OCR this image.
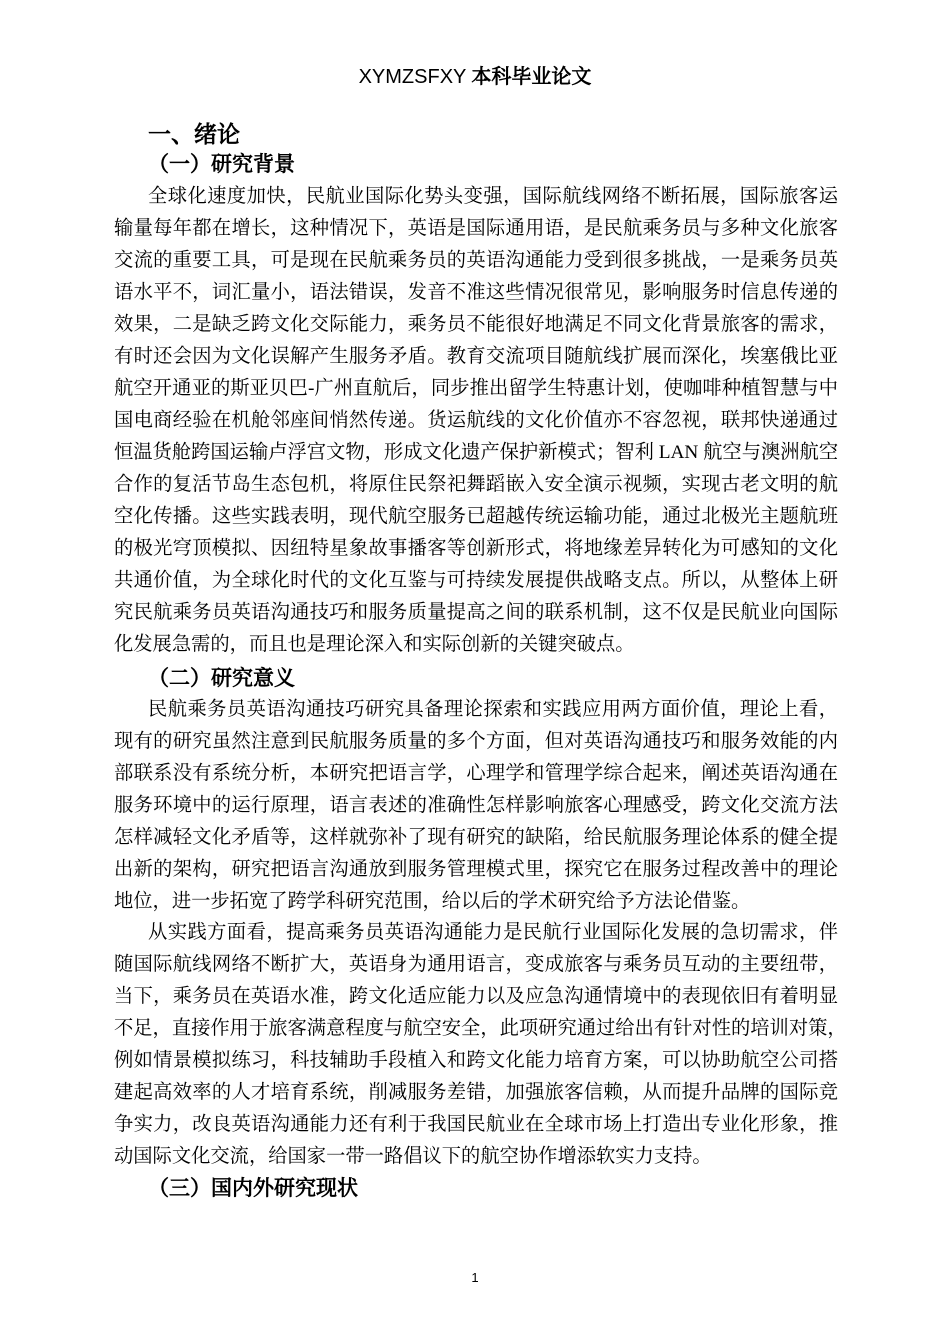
XYMZSFXY 本科毕业论文
一、绪论
（一）研究背景
全球化速度加快，民航业国际化势头变强，国际航线网络不断拓展，国际旅客运
输量每年都在增长，这种情况下，英语是国际通用语，是民航乘务员与多种文化旅客
交流的重要工具，可是现在民航乘务员的英语沟通能力受到很多挑战，一是乘务员英
语水平不，词汇量小，语法错误，发音不准这些情况很常见，影响服务时信息传递的
效果，二是缺乏跨文化交际能力，乘务员不能很好地满足不同文化背景旅客的需求，
有时还会因为文化误解产生服务矛盾。教育交流项目随航线扩展而深化，埃塞俄比亚
航空开通亚的斯亚贝巴-广州直航后，同步推出留学生特惠计划，使咖啡种植智慧与中
国电商经验在机舱邻座间悄然传递。货运航线的文化价值亦不容忽视，联邦快递通过
恒温货舱跨国运输卢浮宫文物，形成文化遗产保护新模式；智利 LAN 航空与澳洲航空
合作的复活节岛生态包机，将原住民祭祀舞蹈嵌入安全演示视频，实现古老文明的航
空化传播。这些实践表明，现代航空服务已超越传统运输功能，通过北极光主题航班
的极光穹顶模拟、因纽特星象故事播客等创新形式，将地缘差异转化为可感知的文化
共通价值，为全球化时代的文化互鉴与可持续发展提供战略支点。所以，从整体上研
究民航乘务员英语沟通技巧和服务质量提高之间的联系机制，这不仅是民航业向国际
化发展急需的，而且也是理论深入和实际创新的关键突破点。
（二）研究意义
民航乘务员英语沟通技巧研究具备理论探索和实践应用两方面价值，理论上看，
现有的研究虽然注意到民航服务质量的多个方面，但对英语沟通技巧和服务效能的内
部联系没有系统分析，本研究把语言学，心理学和管理学综合起来，阐述英语沟通在
服务环境中的运行原理，语言表述的准确性怎样影响旅客心理感受，跨文化交流方法
怎样减轻文化矛盾等，这样就弥补了现有研究的缺陷，给民航服务理论体系的健全提
出新的架构，研究把语言沟通放到服务管理模式里，探究它在服务过程改善中的理论
地位，进一步拓宽了跨学科研究范围，给以后的学术研究给予方法论借鉴。
从实践方面看，提高乘务员英语沟通能力是民航行业国际化发展的急切需求，伴
随国际航线网络不断扩大，英语身为通用语言，变成旅客与乘务员互动的主要纽带，
当下，乘务员在英语水准，跨文化适应能力以及应急沟通情境中的表现依旧有着明显
不足，直接作用于旅客满意程度与航空安全，此项研究通过给出有针对性的培训对策，
例如情景模拟练习，科技辅助手段植入和跨文化能力培育方案，可以协助航空公司搭
建起高效率的人才培育系统，削减服务差错，加强旅客信赖，从而提升品牌的国际竞
争实力，改良英语沟通能力还有利于我国民航业在全球市场上打造出专业化形象，推
动国际文化交流，给国家一带一路倡议下的航空协作增添软实力支持。
（三）国内外研究现状
1
